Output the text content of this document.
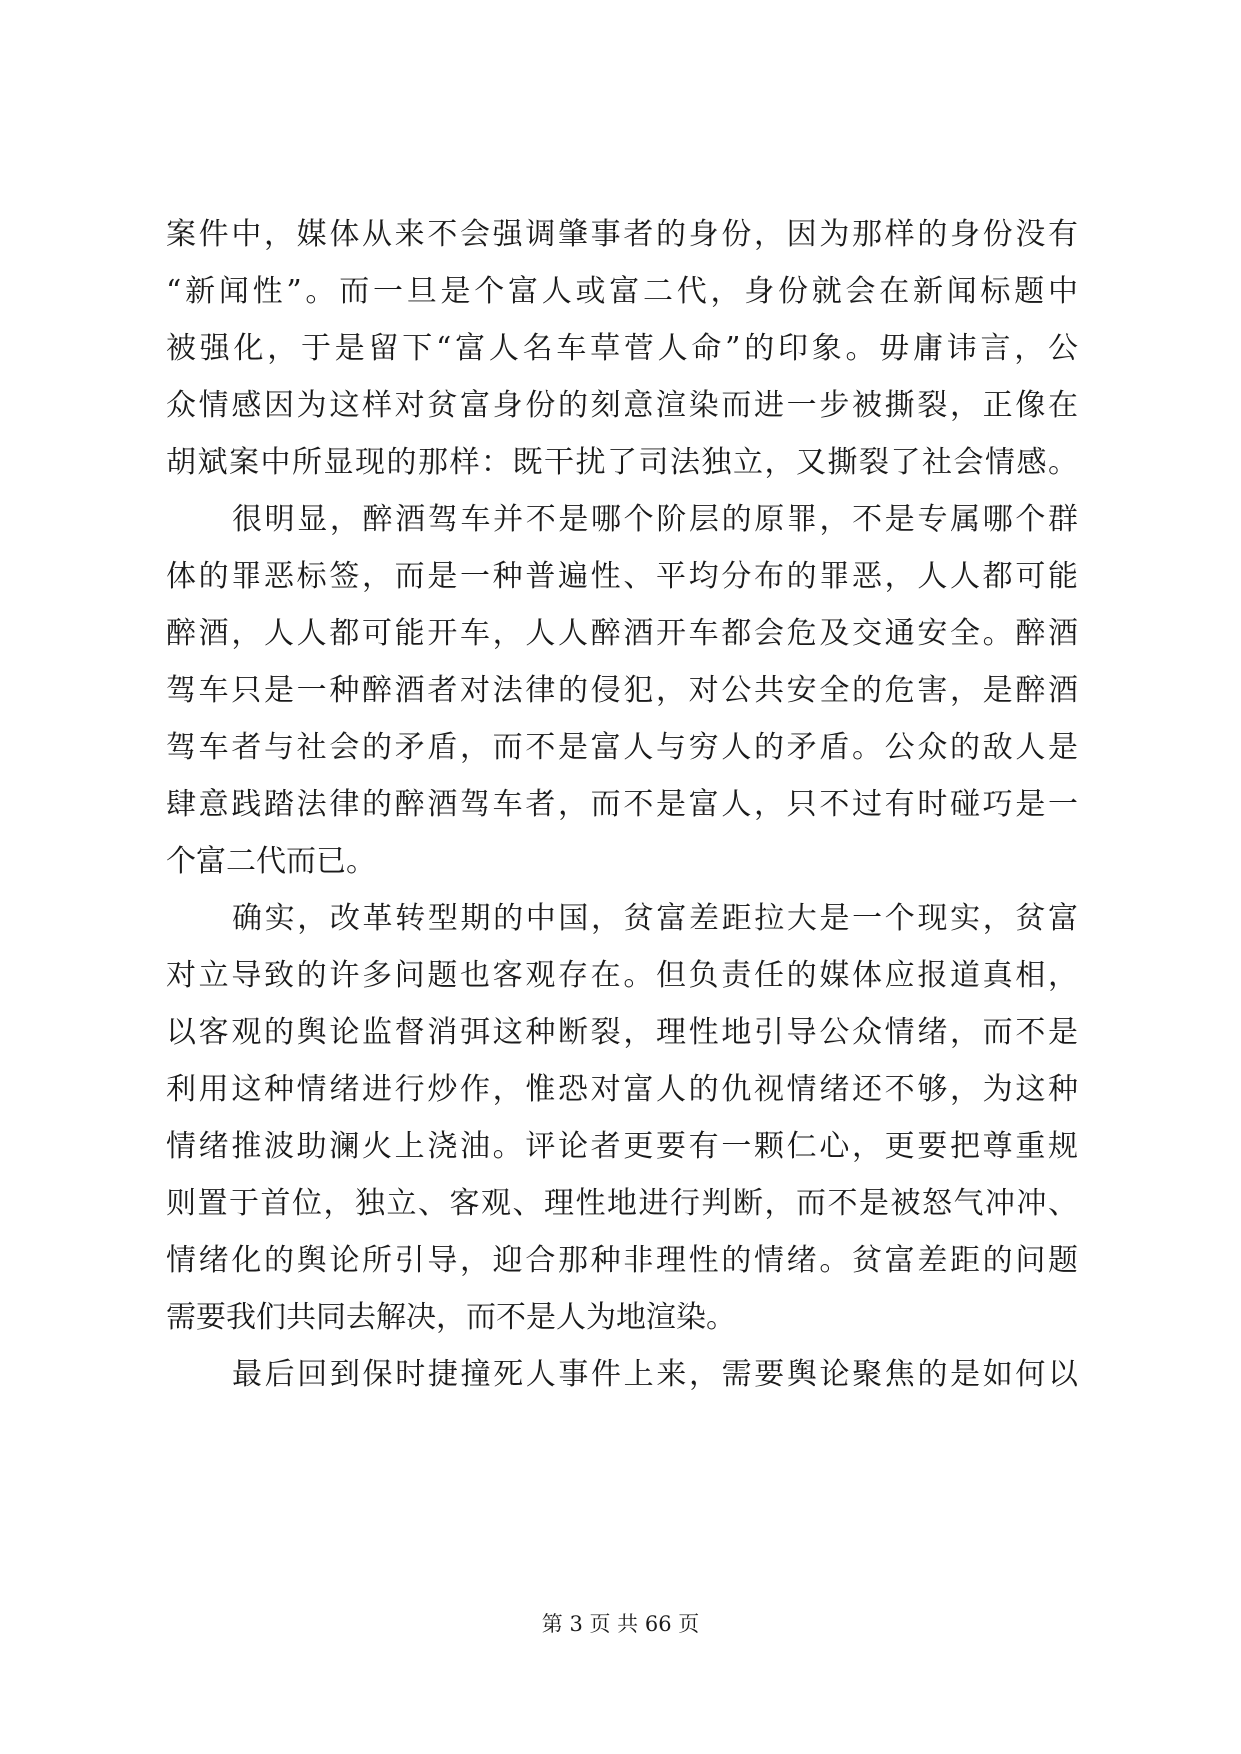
案件中，媒体从来不会强调肇事者的身份，因为那样的身份没有
“新闻性”。而一旦是个富人或富二代，身份就会在新闻标题中
被强化，于是留下“富人名车草菅人命”的印象。毋庸讳言，公
众情感因为这样对贫富身份的刻意渲染而进一步被撕裂，正像在
胡斌案中所显现的那样：既干扰了司法独立，又撕裂了社会情感。
很明显，醉酒驾车并不是哪个阶层的原罪，不是专属哪个群
体的罪恶标签，而是一种普遍性、平均分布的罪恶，人人都可能
醉酒，人人都可能开车，人人醉酒开车都会危及交通安全。醉酒
驾车只是一种醉酒者对法律的侵犯，对公共安全的危害，是醉酒
驾车者与社会的矛盾，而不是富人与穷人的矛盾。公众的敌人是
肆意践踏法律的醉酒驾车者，而不是富人，只不过有时碰巧是一
个富二代而已。
确实，改革转型期的中国，贫富差距拉大是一个现实，贫富
对立导致的许多问题也客观存在。但负责任的媒体应报道真相，
以客观的舆论监督消弭这种断裂，理性地引导公众情绪，而不是
利用这种情绪进行炒作，惟恐对富人的仇视情绪还不够，为这种
情绪推波助澜火上浇油。评论者更要有一颗仁心，更要把尊重规
则置于首位，独立、客观、理性地进行判断，而不是被怒气冲冲、
情绪化的舆论所引导，迎合那种非理性的情绪。贫富差距的问题
需要我们共同去解决，而不是人为地渲染。
最后回到保时捷撞死人事件上来，需要舆论聚焦的是如何以
第 3 页 共 66 页
